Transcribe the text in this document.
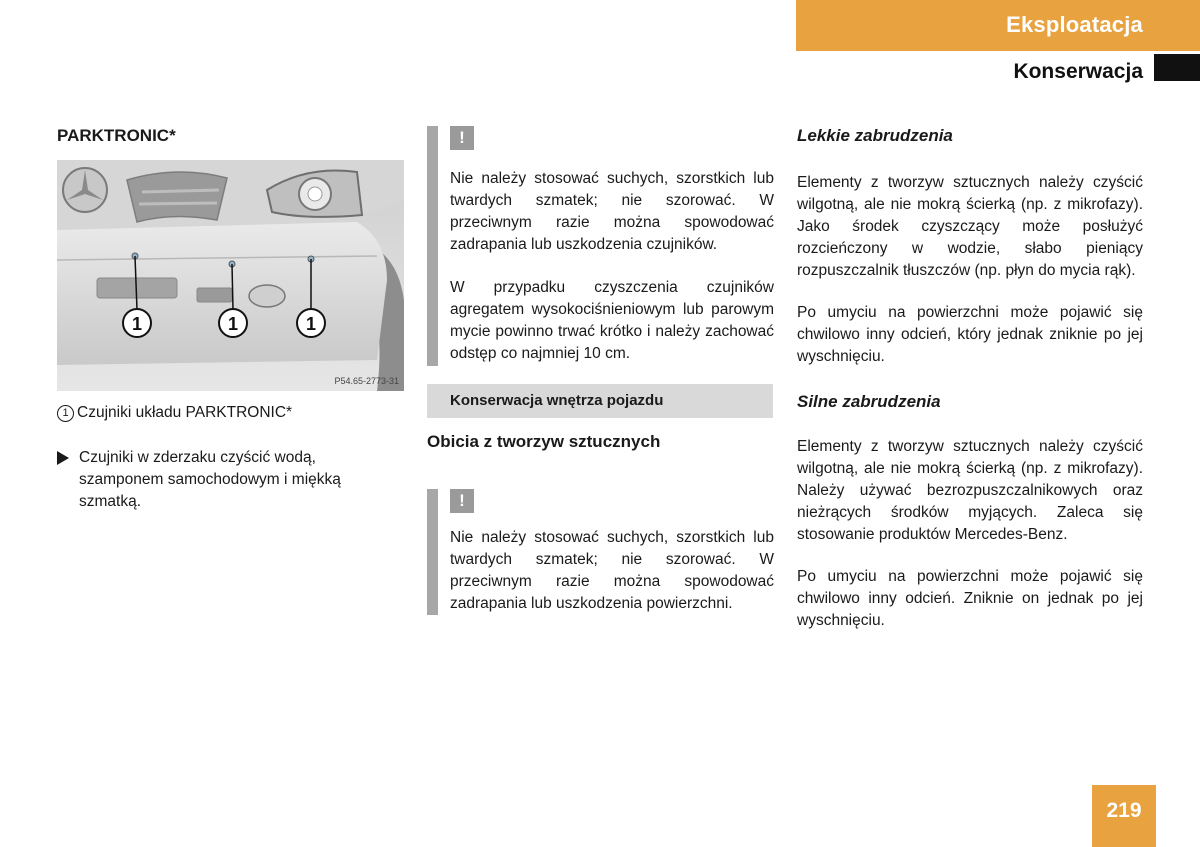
Eksploatacja
Konserwacja
PARKTRONIC*
1	1	1
P54.65-2773-31
1 Czujniki układu PARKTRONIC*
Czujniki w zderzaku czyścić wodą, szamponem samochodowym i miękką szmatką.
!
Nie należy stosować suchych, szorstkich lub twardych szmatek; nie szorować. W przeciwnym razie można spowodować zadrapania lub uszkodzenia czujników.
W przypadku czyszczenia czujników agregatem wysokociśnieniowym lub parowym mycie powinno trwać krótko i należy zachować odstęp co najmniej 10 cm.
Konserwacja wnętrza pojazdu
Obicia z tworzyw sztucznych
!
Nie należy stosować suchych, szorstkich lub twardych szmatek; nie szorować. W przeciwnym razie można spowodować zadrapania lub uszkodzenia powierzchni.
Lekkie zabrudzenia
Elementy z tworzyw sztucznych należy czyścić wilgotną, ale nie mokrą ścierką (np. z mikrofazy). Jako środek czyszczący może posłużyć rozcieńczony w wodzie, słabo pieniący rozpuszczalnik tłuszczów (np. płyn do mycia rąk).
Po umyciu na powierzchni może pojawić się chwilowo inny odcień, który jednak zniknie po jej wyschnięciu.
Silne zabrudzenia
Elementy z tworzyw sztucznych należy czyścić wilgotną, ale nie mokrą ścierką (np. z mikrofazy). Należy używać bezrozpuszczalnikowych oraz nieżrących środków myjących. Zaleca się stosowanie produktów Mercedes-Benz.
Po umyciu na powierzchni może pojawić się chwilowo inny odcień. Zniknie on jednak po jej wyschnięciu.
219
